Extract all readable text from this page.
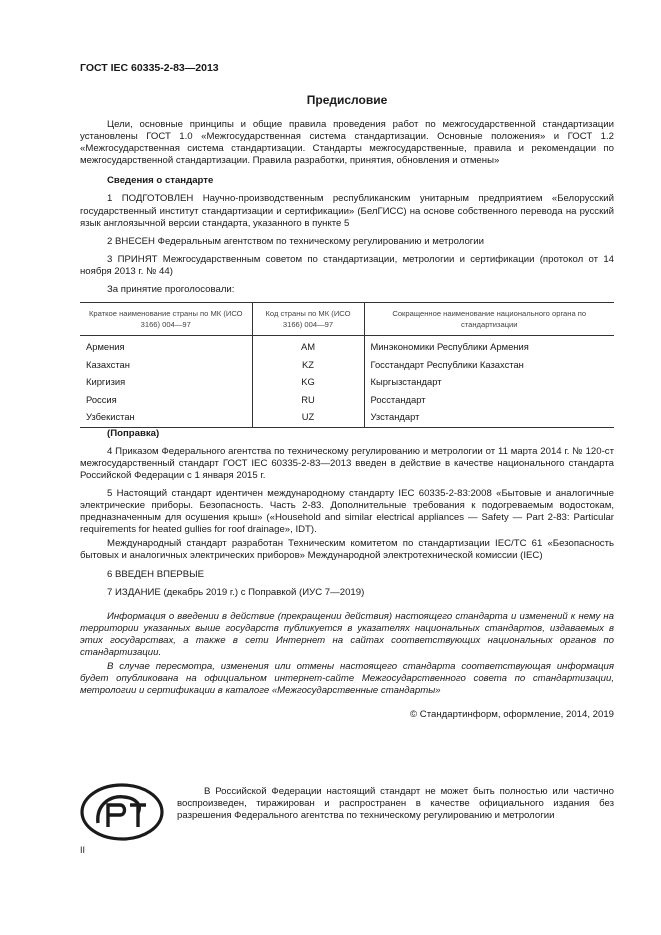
ГОСТ IEC 60335-2-83—2013
Предисловие

Цели, основные принципы и общие правила проведения работ по межгосударственной стандартизации установлены ГОСТ 1.0 «Межгосударственная система стандартизации. Основные положения» и ГОСТ 1.2 «Межгосударственная система стандартизации. Стандарты межгосударственные, правила и рекомендации по межгосударственной стандартизации. Правила разработки, принятия, обновления и отмены»

Сведения о стандарте

1 ПОДГОТОВЛЕН Научно-производственным республиканским унитарным предприятием «Белорусский государственный институт стандартизации и сертификации» (БелГИСС) на основе собственного перевода на русский язык англоязычной версии стандарта, указанного в пункте 5

2 ВНЕСЕН Федеральным агентством по техническому регулированию и метрологии

3 ПРИНЯТ Межгосударственным советом по стандартизации, метрологии и сертификации (протокол от 14 ноября 2013 г. № 44)

За принятие проголосовали:

Краткое наименование страны по МК (ИСО 3166) 004—97	Код страны по МК (ИСО 3166) 004—97	Сокращенное наименование национального органа по стандартизации
Армения	AM	Минэкономики Республики Армения
Казахстан	KZ	Госстандарт Республики Казахстан
Киргизия	KG	Кыргызстандарт
Россия	RU	Росстандарт
Узбекистан	UZ	Узстандарт

(Поправка)

4 Приказом Федерального агентства по техническому регулированию и метрологии от 11 марта 2014 г. № 120-ст межгосударственный стандарт ГОСТ IEC 60335-2-83—2013 введен в действие в качестве национального стандарта Российской Федерации с 1 января 2015 г.

5 Настоящий стандарт идентичен международному стандарту IEC 60335-2-83:2008 «Бытовые и аналогичные электрические приборы. Безопасность. Часть 2-83. Дополнительные требования к подогреваемым водостокам, предназначенным для осушения крыш» («Household and similar electrical appliances — Safety — Part 2-83: Particular requirements for heated gullies for roof drainage», IDT).

Международный стандарт разработан Техническим комитетом по стандартизации IEC/TC 61 «Безопасность бытовых и аналогичных электрических приборов» Международной электротехнической комиссии (IEC)

6 ВВЕДЕН ВПЕРВЫЕ

7 ИЗДАНИЕ (декабрь 2019 г.) с Поправкой (ИУС 7—2019)

Информация о введении в действие (прекращении действия) настоящего стандарта и изменений к нему на территории указанных выше государств публикуется в указателях национальных стандартов, издаваемых в этих государствах, а также в сети Интернет на сайтах соответствующих национальных органов по стандартизации.

В случае пересмотра, изменения или отмены настоящего стандарта соответствующая информация будет опубликована на официальном интернет-сайте Межгосударственного совета по стандартизации, метрологии и сертификации в каталоге «Межгосударственные стандарты»

© Стандартинформ, оформление, 2014, 2019
РСТ

В Российской Федерации настоящий стандарт не может быть полностью или частично воспроизведен, тиражирован и распространен в качестве официального издания без разрешения Федерального агентства по техническому регулированию и метрологии

II
